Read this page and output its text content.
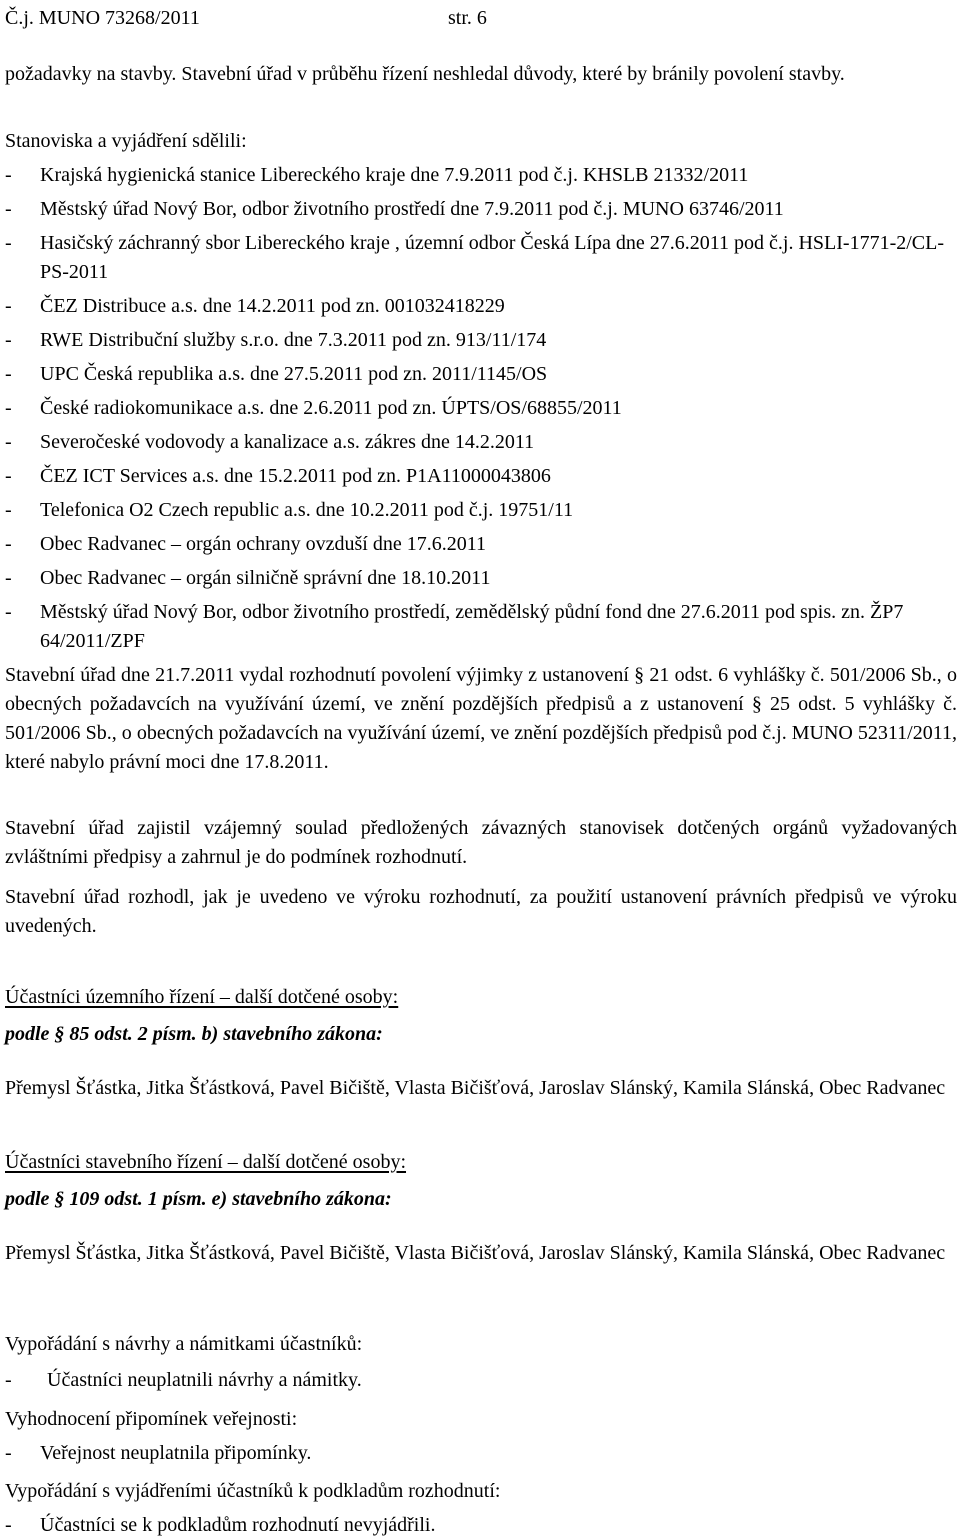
Č.j. MUNO 73268/2011	str. 6

požadavky na stavby. Stavební úřad v průběhu řízení neshledal důvody, které by bránily povolení stavby.

Stanoviska a vyjádření sdělili:
- Krajská hygienická stanice Libereckého kraje dne 7.9.2011 pod č.j. KHSLB 21332/2011
- Městský úřad Nový Bor, odbor životního prostředí dne 7.9.2011 pod č.j. MUNO 63746/2011
- Hasičský záchranný sbor Libereckého kraje , územní odbor Česká Lípa dne 27.6.2011 pod č.j. HSLI-1771-2/CL-PS-2011
- ČEZ Distribuce a.s. dne 14.2.2011 pod zn. 001032418229
- RWE Distribuční služby s.r.o. dne 7.3.2011 pod zn. 913/11/174
- UPC Česká republika a.s. dne 27.5.2011 pod zn. 2011/1145/OS
- České radiokomunikace a.s. dne 2.6.2011 pod zn. ÚPTS/OS/68855/2011
- Severočeské vodovody a kanalizace a.s. zákres dne 14.2.2011
- ČEZ ICT Services a.s. dne 15.2.2011 pod zn. P1A11000043806
- Telefonica O2 Czech republic a.s. dne 10.2.2011 pod č.j. 19751/11
- Obec Radvanec – orgán ochrany ovzduší dne 17.6.2011
- Obec Radvanec – orgán silničně správní dne 18.10.2011
- Městský úřad Nový Bor, odbor životního prostředí, zemědělský půdní fond dne 27.6.2011 pod spis. zn. ŽP7 64/2011/ZPF

Stavební úřad dne 21.7.2011 vydal rozhodnutí povolení výjimky z ustanovení § 21 odst. 6 vyhlášky č. 501/2006 Sb., o obecných požadavcích na využívání území, ve znění pozdějších předpisů a z ustanovení § 25 odst. 5 vyhlášky č. 501/2006 Sb., o obecných požadavcích na využívání území, ve znění pozdějších předpisů pod č.j. MUNO 52311/2011, které nabylo právní moci dne 17.8.2011.

Stavební úřad zajistil vzájemný soulad předložených závazných stanovisek dotčených orgánů vyžadovaných zvláštními předpisy a zahrnul je do podmínek rozhodnutí.

Stavební úřad rozhodl, jak je uvedeno ve výroku rozhodnutí, za použití ustanovení právních předpisů ve výroku uvedených.

Účastníci územního řízení – další dotčené osoby:
podle § 85 odst. 2 písm. b) stavebního zákona:

Přemysl Šťástka, Jitka Šťástková, Pavel Bičiště, Vlasta Bičišťová, Jaroslav Slánský, Kamila Slánská, Obec Radvanec

Účastníci stavebního řízení – další dotčené osoby:
podle § 109 odst. 1 písm. e) stavebního zákona:

Přemysl Šťástka, Jitka Šťástková, Pavel Bičiště, Vlasta Bičišťová, Jaroslav Slánský, Kamila Slánská, Obec Radvanec

Vypořádání s návrhy a námitkami účastníků:
- Účastníci neuplatnili návrhy a námitky.
Vyhodnocení připomínek veřejnosti:
- Veřejnost neuplatnila připomínky.
Vypořádání s vyjádřeními účastníků k podkladům rozhodnutí:
- Účastníci se k podkladům rozhodnutí nevyjádřili.
